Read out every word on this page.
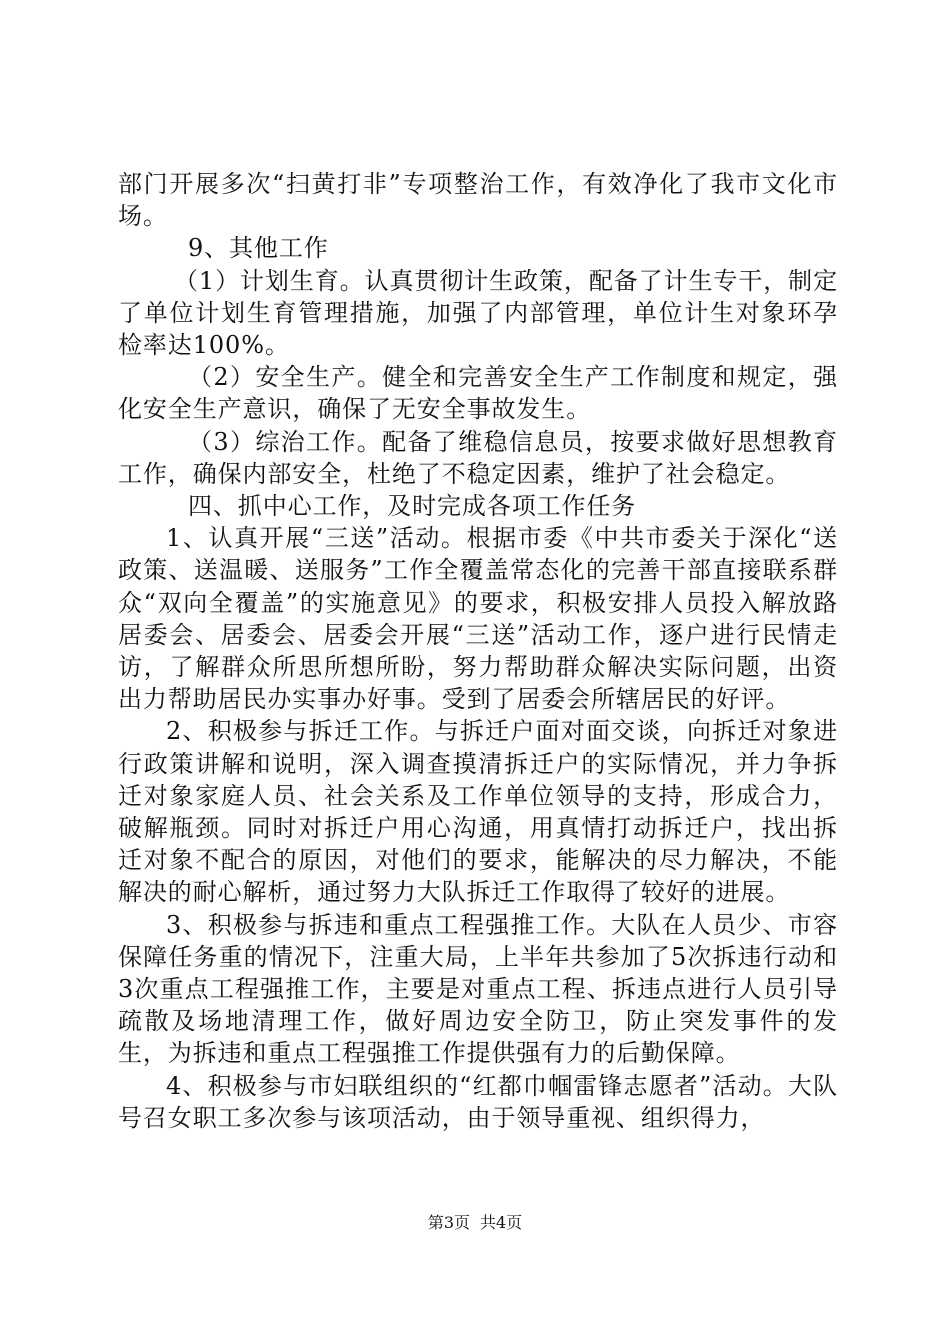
部门开展多次“扫黄打非”专项整治工作，有效净化了我市文化市场。

9、其他工作

（1）计划生育。认真贯彻计生政策，配备了计生专干，制定了单位计划生育管理措施，加强了内部管理，单位计生对象环孕检率达100%。

（2）安全生产。健全和完善安全生产工作制度和规定，强化安全生产意识，确保了无安全事故发生。

（3）综治工作。配备了维稳信息员，按要求做好思想教育工作，确保内部安全，杜绝了不稳定因素，维护了社会稳定。

四、抓中心工作，及时完成各项工作任务

1、认真开展“三送”活动。根据市委《中共市委关于深化“送政策、送温暖、送服务”工作全覆盖常态化的完善干部直接联系群众“双向全覆盖”的实施意见》的要求，积极安排人员投入解放路居委会、居委会、居委会开展“三送”活动工作，逐户进行民情走访，了解群众所思所想所盼，努力帮助群众解决实际问题，出资出力帮助居民办实事办好事。受到了居委会所辖居民的好评。

2、积极参与拆迁工作。与拆迁户面对面交谈，向拆迁对象进行政策讲解和说明，深入调查摸清拆迁户的实际情况，并力争拆迁对象家庭人员、社会关系及工作单位领导的支持，形成合力，破解瓶颈。同时对拆迁户用心沟通，用真情打动拆迁户，找出拆迁对象不配合的原因，对他们的要求，能解决的尽力解决，不能解决的耐心解析，通过努力大队拆迁工作取得了较好的进展。

3、积极参与拆违和重点工程强推工作。大队在人员少、市容保障任务重的情况下，注重大局，上半年共参加了5次拆违行动和3次重点工程强推工作，主要是对重点工程、拆违点进行人员引导疏散及场地清理工作，做好周边安全防卫，防止突发事件的发生，为拆违和重点工程强推工作提供强有力的后勤保障。

4、积极参与市妇联组织的“红都巾帼雷锋志愿者”活动。大队号召女职工多次参与该项活动，由于领导重视、组织得力，

第3页 共4页
